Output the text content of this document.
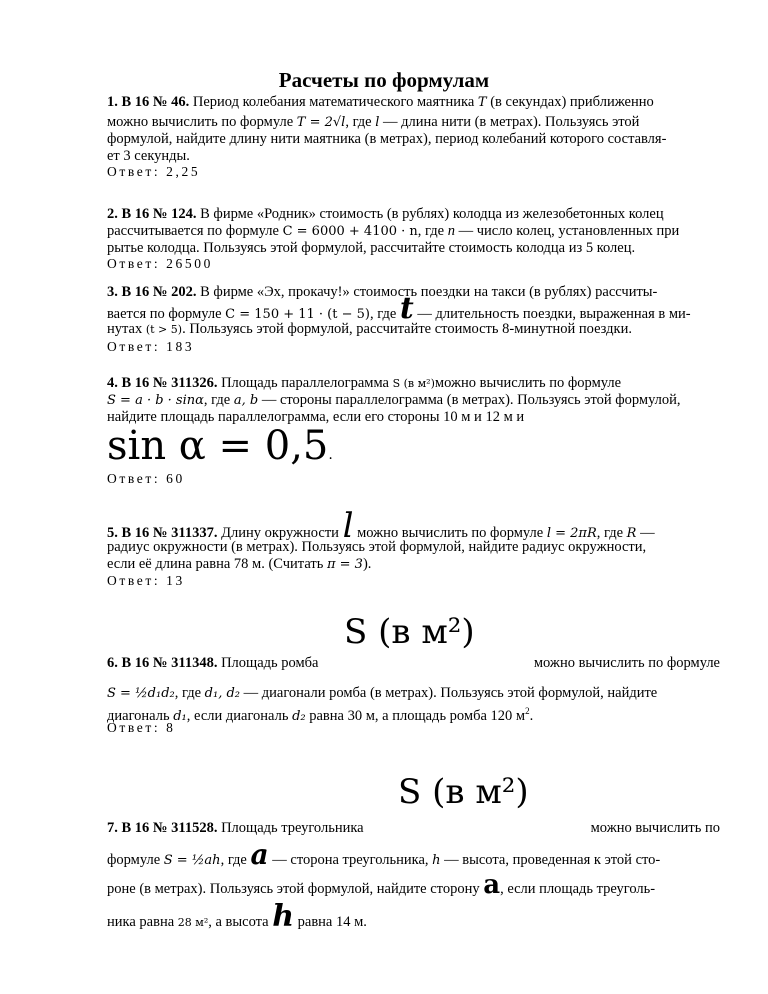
Расчеты по формулам

1. B 16 № 46. Период колебания математического маятника T (в секундах) приближенно

можно вычислить по формуле T = 2√l, где l — длина нити (в метрах). Пользуясь этой

формулой, найдите длину нити маятника (в метрах), период колебаний которого составля-

ет 3 секунды.

Ответ: 2,25

2. B 16 № 124. В фирме «Родник» стоимость (в рублях) колодца из железобетонных колец

рассчитывается по формуле C = 6000 + 4100 · n, где n — число колец, установленных при

рытье колодца. Пользуясь этой формулой, рассчитайте стоимость колодца из 5 колец.

Ответ: 26500

3. B 16 № 202. В фирме «Эх, прокачу!» стоимость поездки на такси (в рублях) рассчиты-

вается по формуле C = 150 + 11 · (t − 5), где t — длительность поездки, выраженная в ми-

нутах (t > 5). Пользуясь этой формулой, рассчитайте стоимость 8-минутной поездки.

Ответ: 183

4. B 16 № 311326. Площадь параллелограмма S (в м²)можно вычислить по формуле

S = a · b · sinα, где a, b — стороны параллелограмма (в метрах). Пользуясь этой формулой,

найдите площадь параллелограмма, если его стороны 10 м и 12 м и

sin α = 0,5.

Ответ: 60

5. B 16 № 311337. Длину окружности l можно вычислить по формуле l = 2πR, где R —

радиус окружности (в метрах). Пользуясь этой формулой, найдите радиус окружности,

если её длина равна 78 м. (Считать π = 3).

Ответ: 13

S (в м²)

6. B 16 № 311348. Площадь ромба	можно вычислить по формуле

S = ½d₁d₂, где d₁, d₂ — диагонали ромба (в метрах). Пользуясь этой формулой, найдите

диагональ d₁, если диагональ d₂ равна 30 м, а площадь ромба 120 $м^2$.

Ответ: 8

S (в м²)

7. B 16 № 311528. Площадь треугольника	можно вычислить по

формуле S = ½ah, где a — сторона треугольника, h — высота, проведенная к этой сто-

роне (в метрах). Пользуясь этой формулой, найдите сторону a, если площадь треуголь-

ника равна 28 м², а высота h равна 14 м.
